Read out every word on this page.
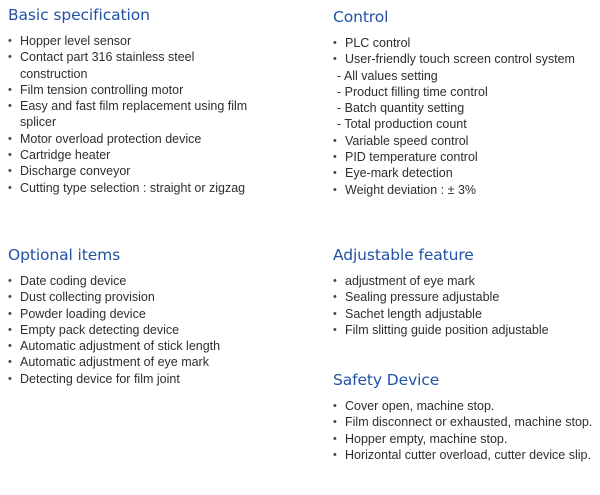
Basic specification
• Hopper level sensor
• Contact part 316 stainless steel construction
• Film tension controlling motor
• Easy and fast film replacement using film splicer
• Motor overload protection device
• Cartridge heater
• Discharge conveyor
• Cutting type selection : straight or zigzag
Control
• PLC control
• User-friendly touch screen control system
- All values setting
- Product filling time control
- Batch quantity setting
- Total production count
• Variable speed control
• PID temperature control
• Eye-mark detection
• Weight deviation : ± 3%
Optional items
• Date coding device
• Dust collecting provision
• Powder loading device
• Empty pack detecting device
• Automatic adjustment of stick length
• Automatic adjustment of eye mark
• Detecting device for film joint
Adjustable feature
• adjustment of eye mark
• Sealing pressure adjustable
• Sachet length adjustable
• Film slitting guide position adjustable
Safety Device
• Cover open, machine stop.
• Film disconnect or exhausted, machine stop.
• Hopper empty, machine stop.
• Horizontal cutter overload, cutter device slip.
